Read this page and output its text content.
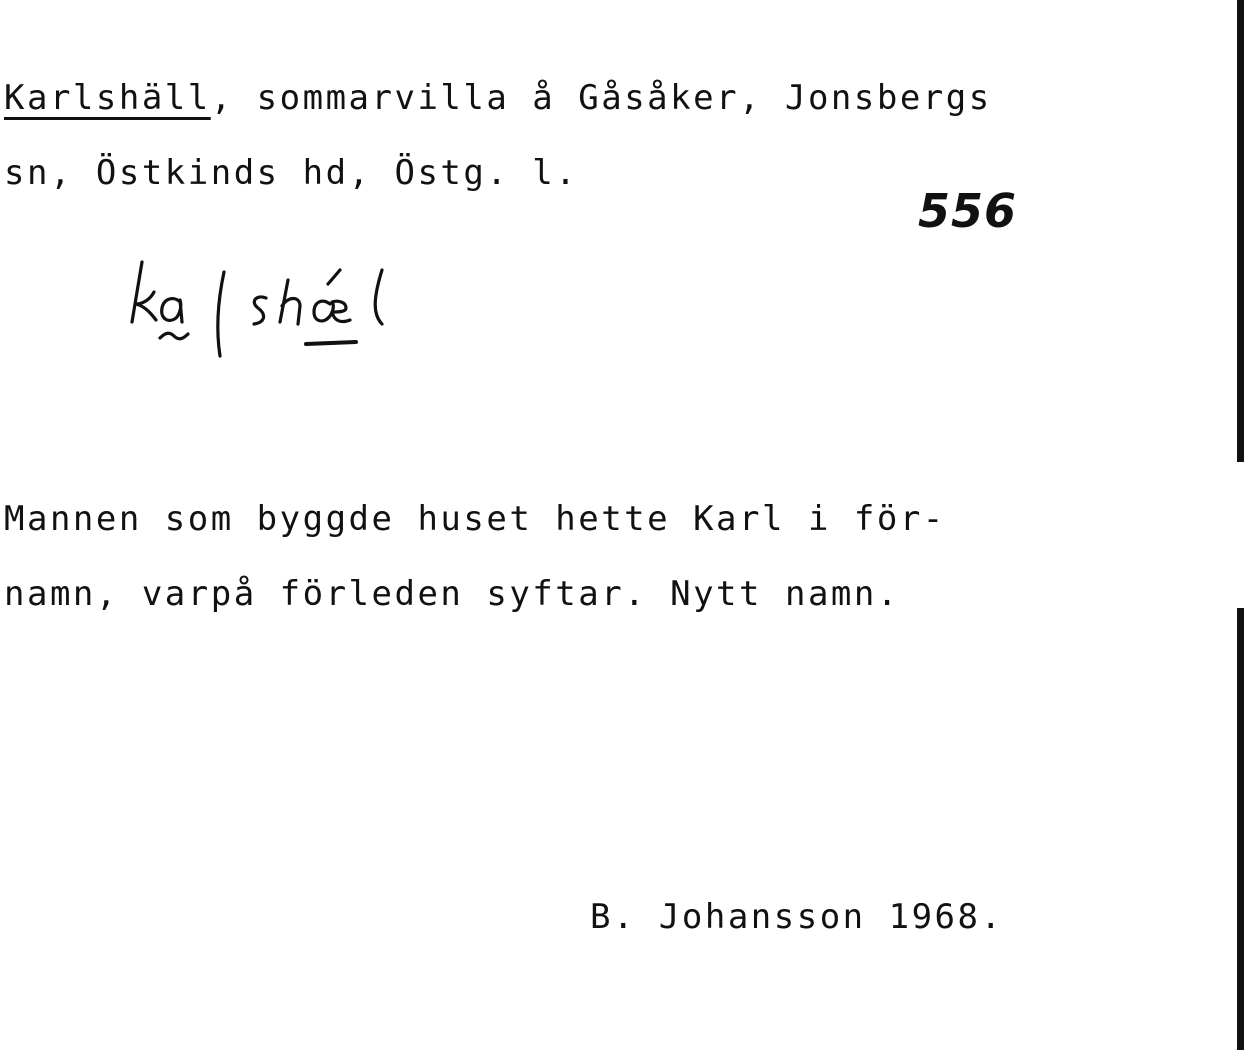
Karlshäll, sommarvilla å Gåsåker, Jonsbergs
sn, Östkinds hd, Östg. l.
556
Mannen som byggde huset hette Karl i för-
namn, varpå förleden syftar. Nytt namn.
B. Johansson 1968.
